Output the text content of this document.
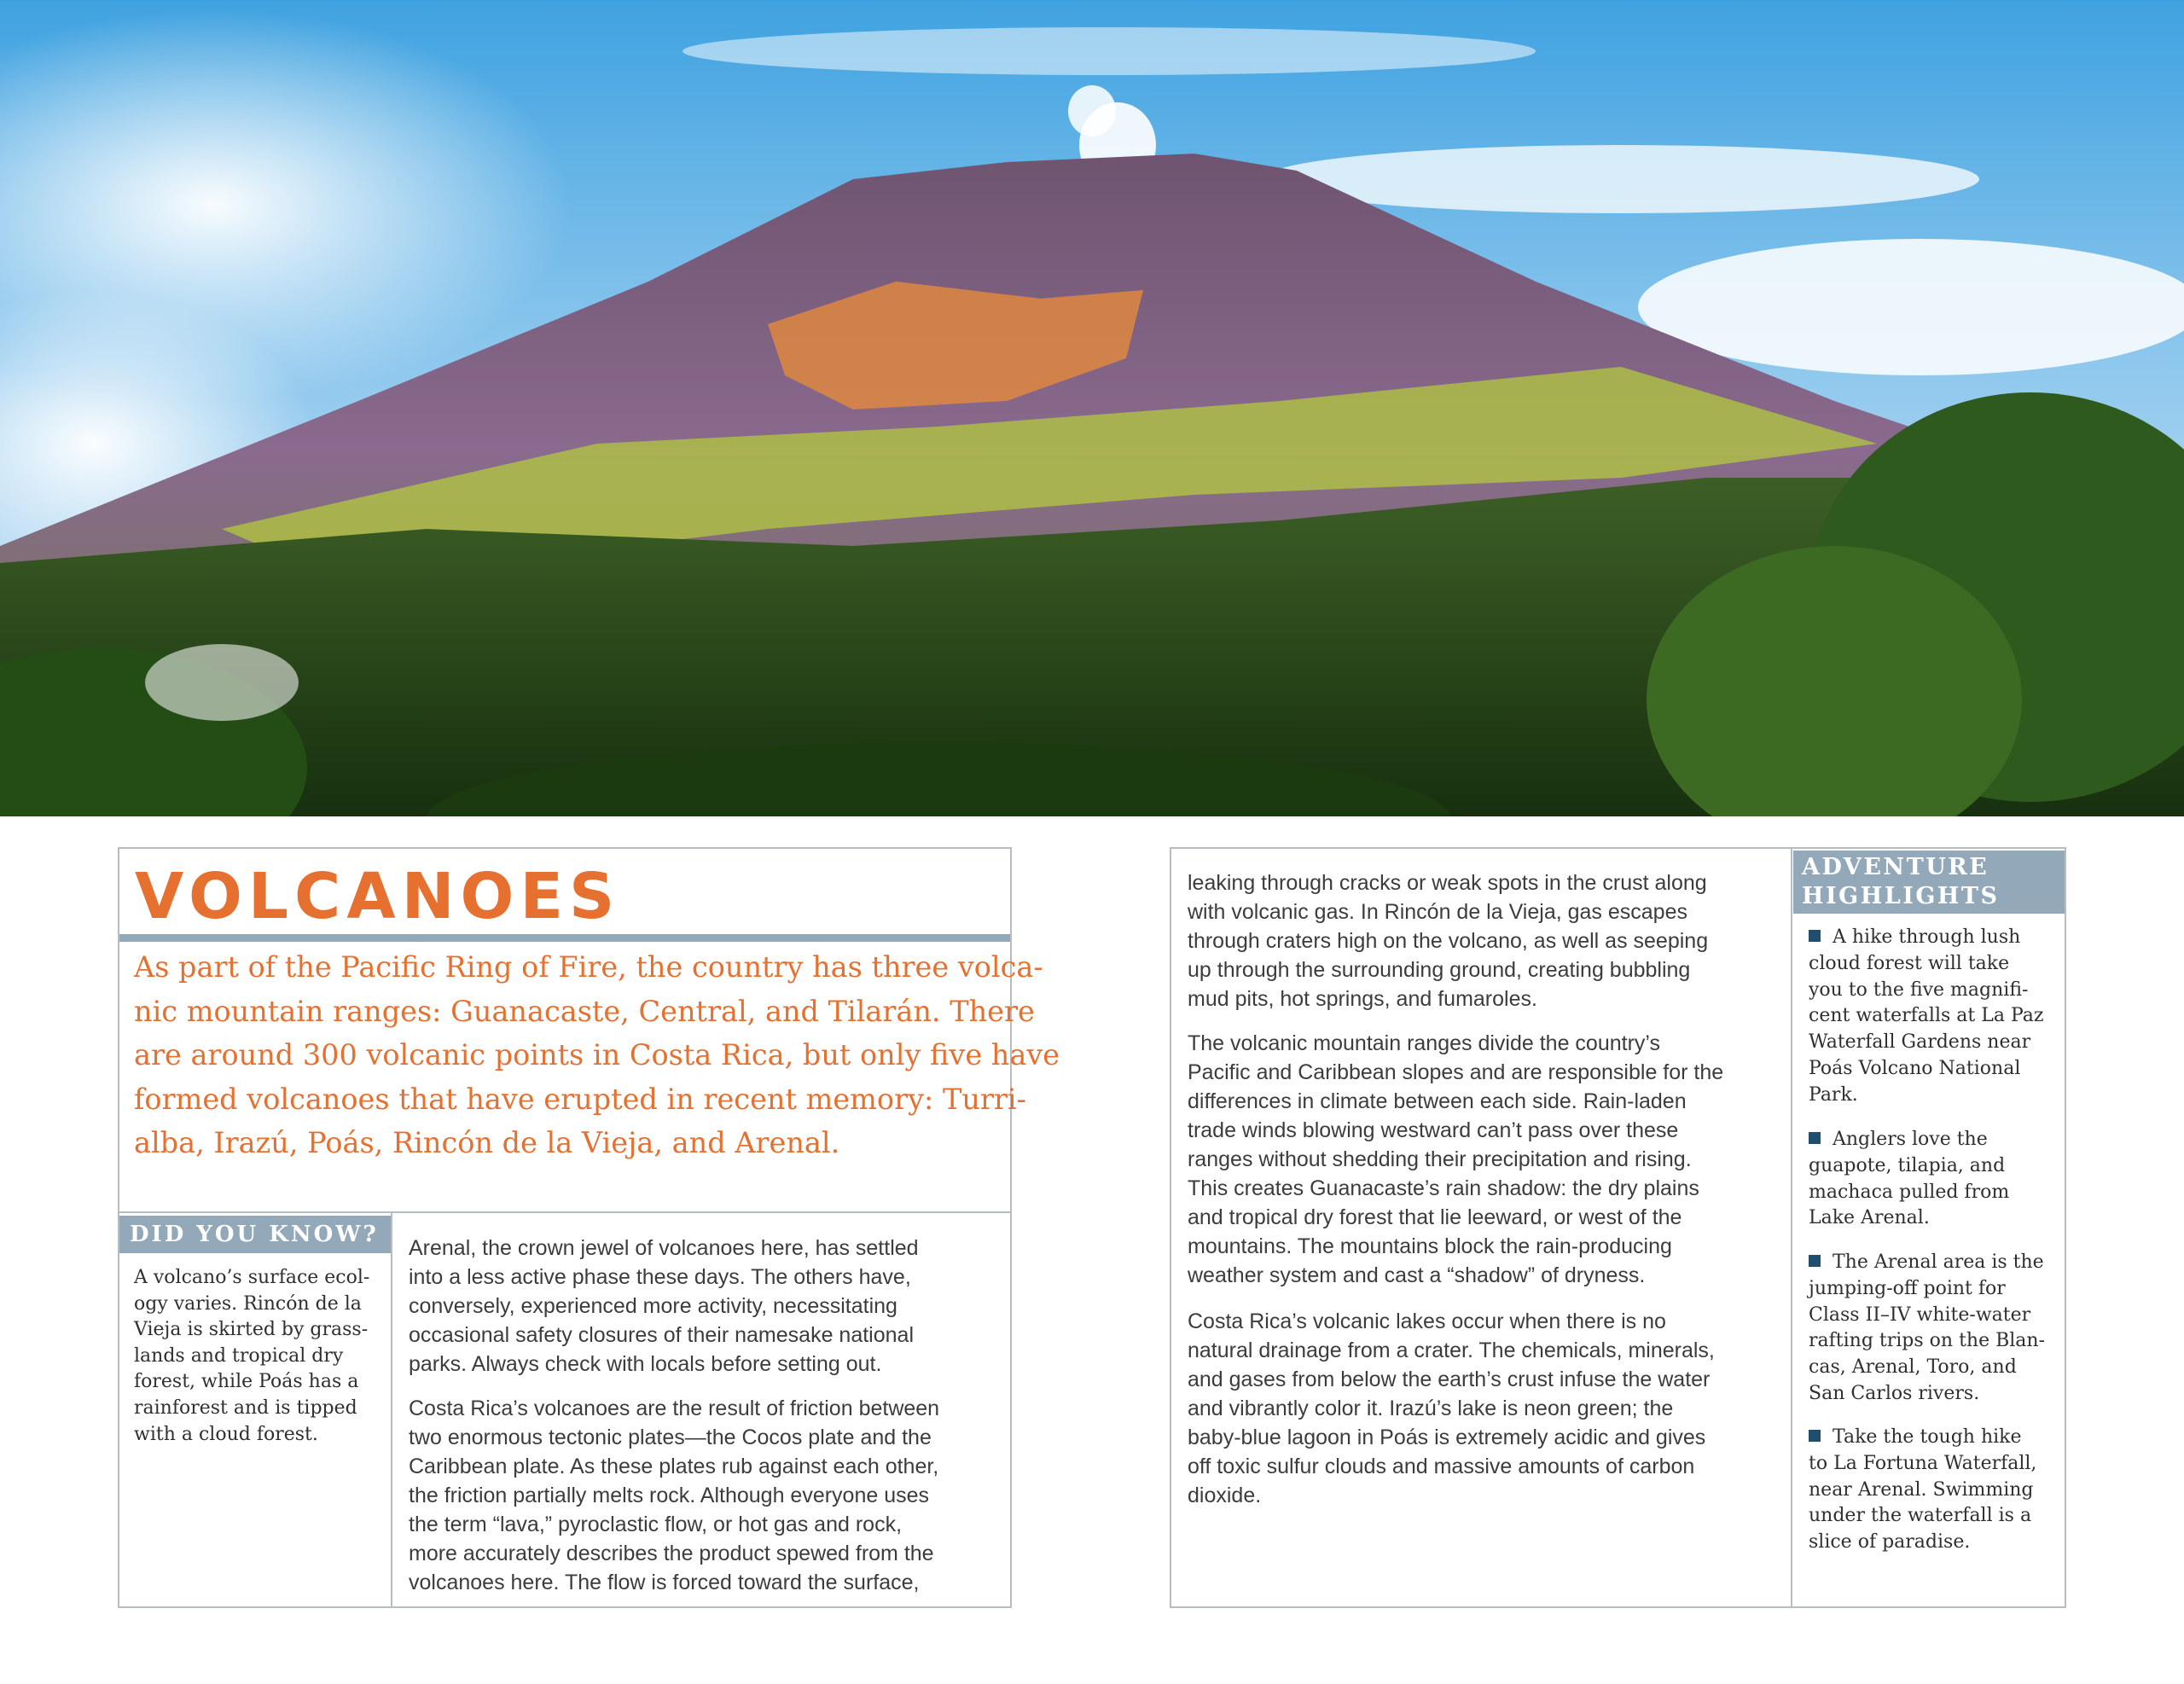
VOLCANOES
As part of the Pacific Ring of Fire, the country has three volca-
nic mountain ranges: Guanacaste, Central, and Tilarán. There
are around 300 volcanic points in Costa Rica, but only five have
formed volcanoes that have erupted in recent memory: Turri-
alba, Irazú, Poás, Rincón de la Vieja, and Arenal.
DID YOU KNOW?
A volcano’s surface ecol-
ogy varies. Rincón de la
Vieja is skirted by grass-
lands and tropical dry
forest, while Poás has a
rainforest and is tipped
with a cloud forest.
Arenal, the crown jewel of volcanoes here, has settled
into a less active phase these days. The others have,
conversely, experienced more activity, necessitating
occasional safety closures of their namesake national
parks. Always check with locals before setting out.
Costa Rica’s volcanoes are the result of friction between
two enormous tectonic plates—the Cocos plate and the
Caribbean plate. As these plates rub against each other,
the friction partially melts rock. Although everyone uses
the term “lava,” pyroclastic flow, or hot gas and rock,
more accurately describes the product spewed from the
volcanoes here. The flow is forced toward the surface,
leaking through cracks or weak spots in the crust along
with volcanic gas. In Rincón de la Vieja, gas escapes
through craters high on the volcano, as well as seeping
up through the surrounding ground, creating bubbling
mud pits, hot springs, and fumaroles.
The volcanic mountain ranges divide the country’s
Pacific and Caribbean slopes and are responsible for the
differences in climate between each side. Rain-laden
trade winds blowing westward can’t pass over these
ranges without shedding their precipitation and rising.
This creates Guanacaste’s rain shadow: the dry plains
and tropical dry forest that lie leeward, or west of the
mountains. The mountains block the rain-producing
weather system and cast a “shadow” of dryness.
Costa Rica’s volcanic lakes occur when there is no
natural drainage from a crater. The chemicals, minerals,
and gases from below the earth’s crust infuse the water
and vibrantly color it. Irazú’s lake is neon green; the
baby-blue lagoon in Poás is extremely acidic and gives
off toxic sulfur clouds and massive amounts of carbon
dioxide.
ADVENTURE
HIGHLIGHTS
A hike through lush
cloud forest will take
you to the five magnifi-
cent waterfalls at La Paz
Waterfall Gardens near
Poás Volcano National
Park.
Anglers love the
guapote, tilapia, and
machaca pulled from
Lake Arenal.
The Arenal area is the
jumping-off point for
Class II–IV white-water
rafting trips on the Blan-
cas, Arenal, Toro, and
San Carlos rivers.
Take the tough hike
to La Fortuna Waterfall,
near Arenal. Swimming
under the waterfall is a
slice of paradise.
